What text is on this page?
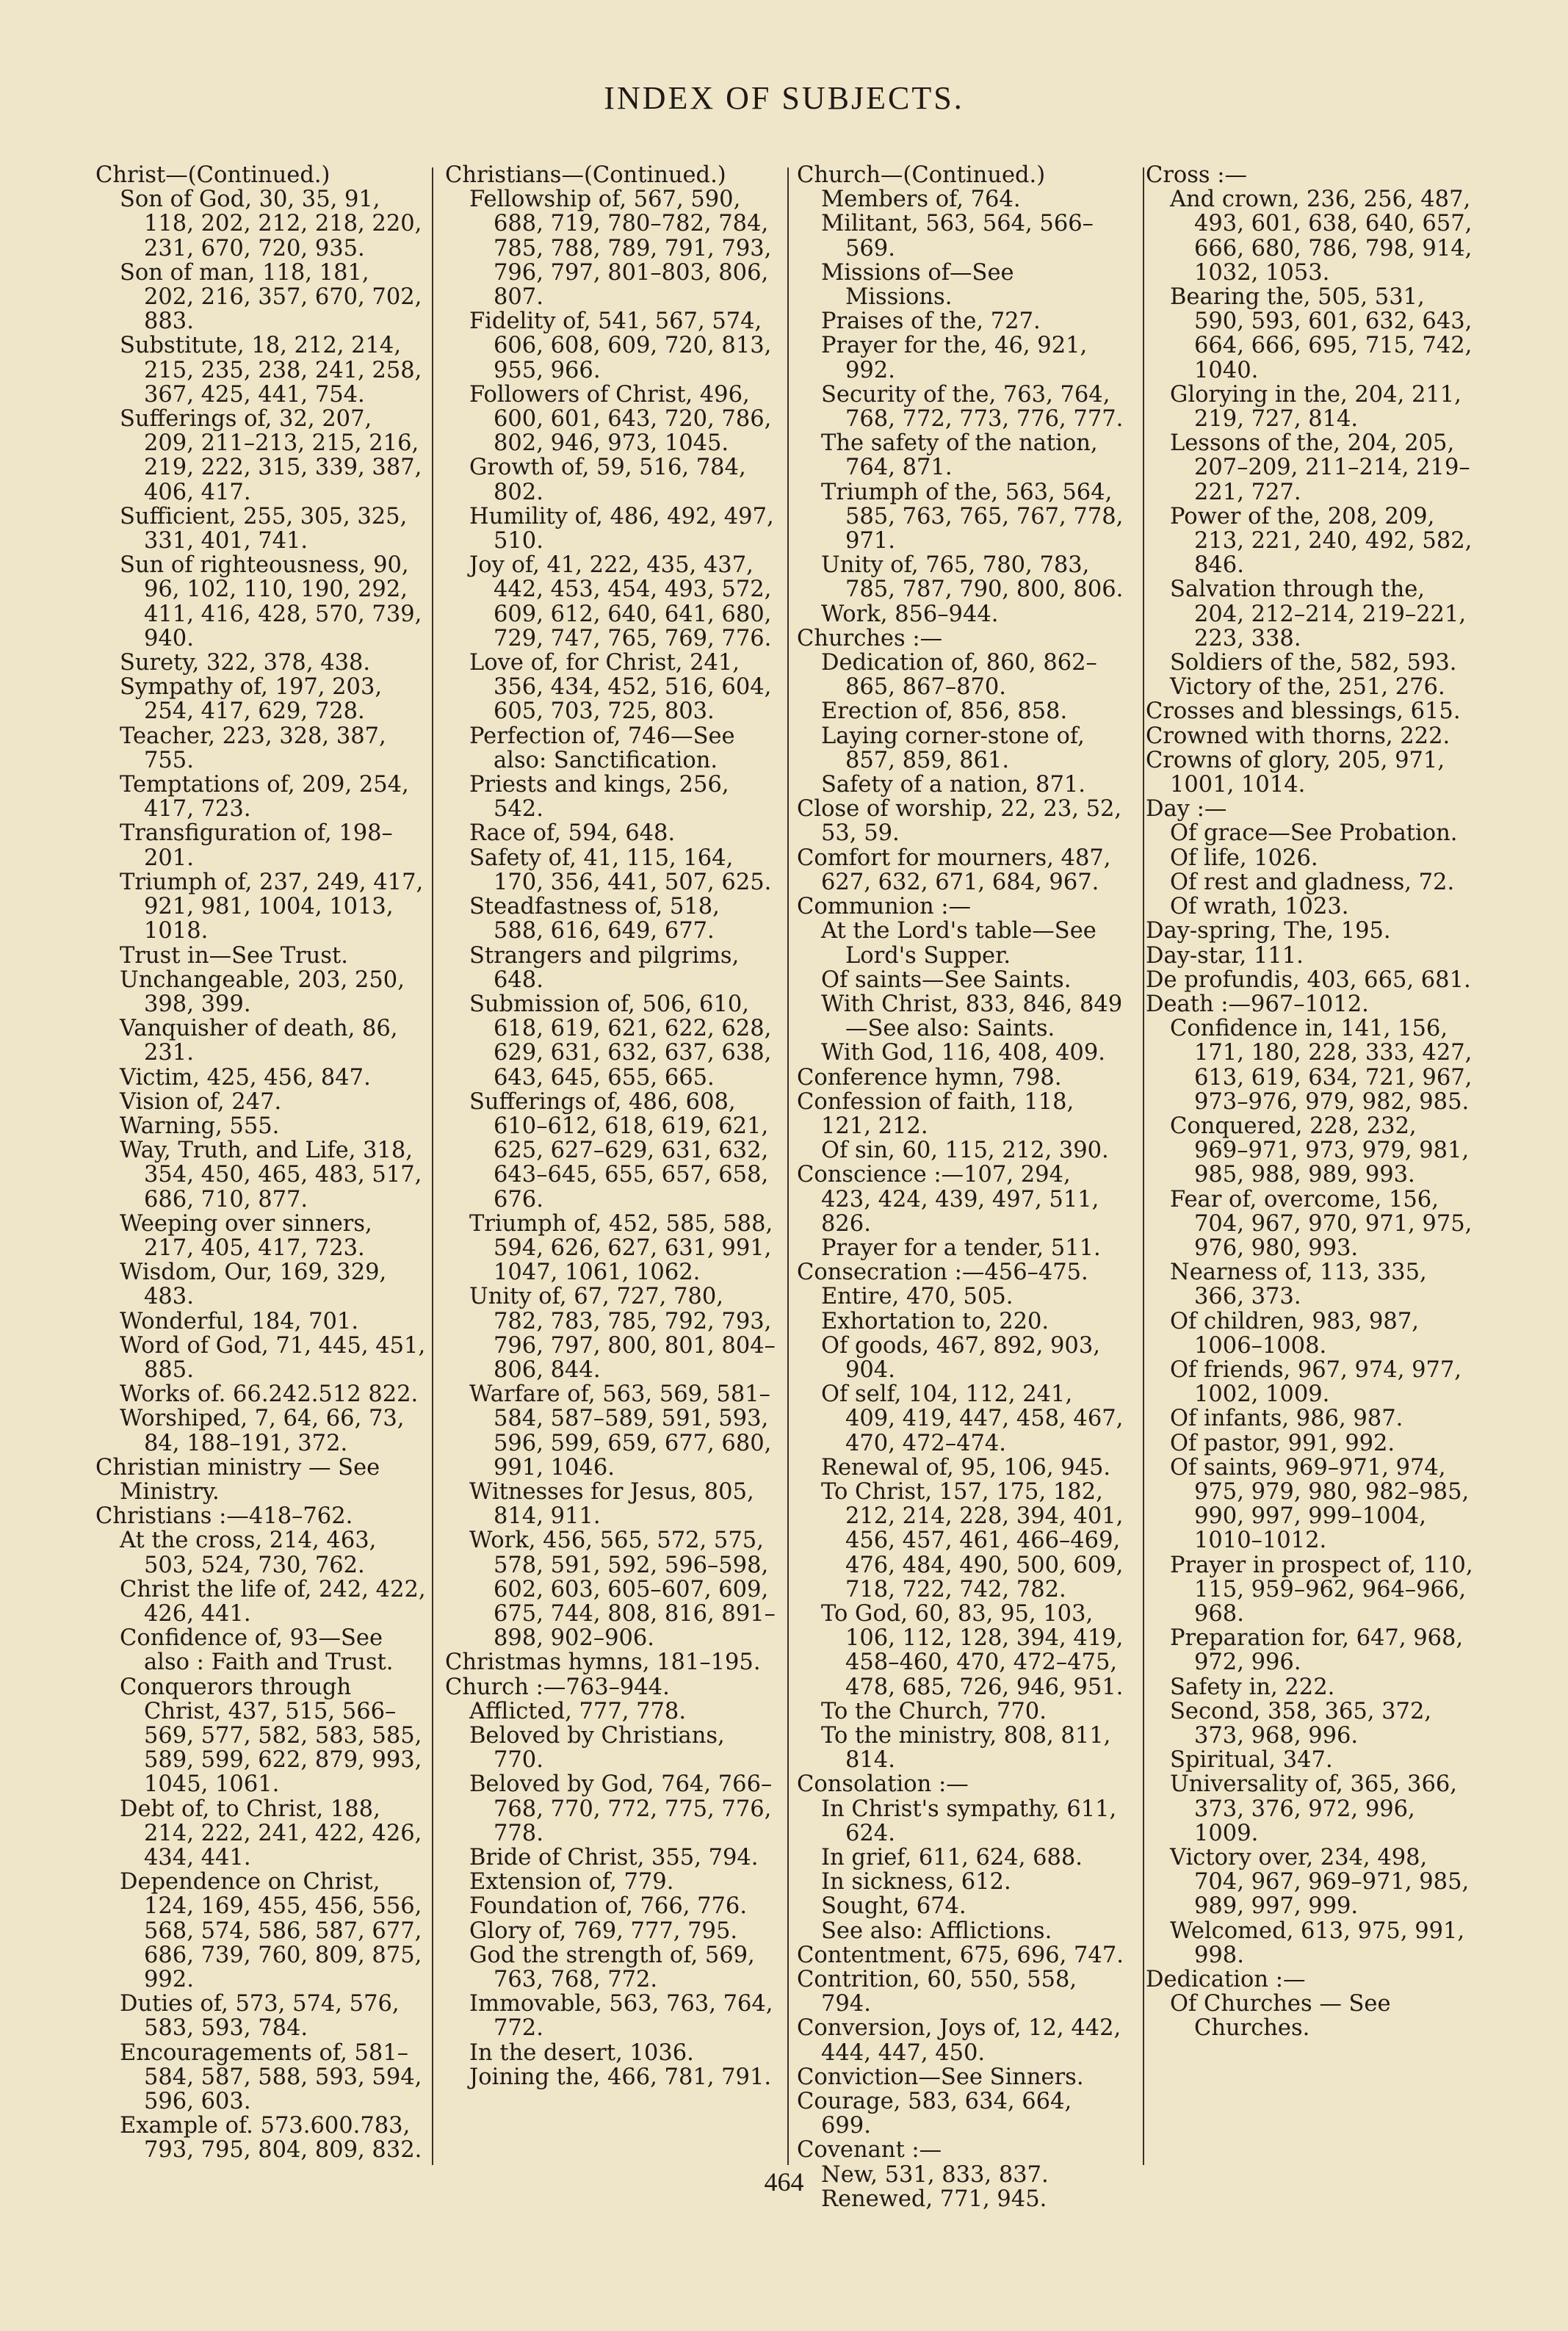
INDEX OF SUBJECTS.

Christ—(Continued.)

Son of God, 30, 35, 91, 118, 202, 212, 218, 220, 231, 670, 720, 935.

Son of man, 118, 181, 202, 216, 357, 670, 702, 883.

Substitute, 18, 212, 214, 215, 235, 238, 241, 258, 367, 425, 441, 754.

Sufferings of, 32, 207, 209, 211–213, 215, 216, 219, 222, 315, 339, 387, 406, 417.

Sufficient, 255, 305, 325, 331, 401, 741.

Sun of righteousness, 90, 96, 102, 110, 190, 292, 411, 416, 428, 570, 739, 940.

Surety, 322, 378, 438.

Sympathy of, 197, 203, 254, 417, 629, 728.

Teacher, 223, 328, 387, 755.

Temptations of, 209, 254, 417, 723.

Transfiguration of, 198–201.

Triumph of, 237, 249, 417, 921, 981, 1004, 1013, 1018.

Trust in—See Trust.

Unchangeable, 203, 250, 398, 399.

Vanquisher of death, 86, 231.

Victim, 425, 456, 847.

Vision of, 247.

Warning, 555.

Way, Truth, and Life, 318, 354, 450, 465, 483, 517, 686, 710, 877.

Weeping over sinners, 217, 405, 417, 723.

Wisdom, Our, 169, 329, 483.

Wonderful, 184, 701.

Word of God, 71, 445, 451, 885.

Works of. 66.242.512 822.

Worshiped, 7, 64, 66, 73, 84, 188–191, 372.

Christian ministry — See Ministry.

Christians :—418–762.

At the cross, 214, 463, 503, 524, 730, 762.

Christ the life of, 242, 422, 426, 441.

Confidence of, 93—See also : Faith and Trust.

Conquerors through Christ, 437, 515, 566–569, 577, 582, 583, 585, 589, 599, 622, 879, 993, 1045, 1061.

Debt of, to Christ, 188, 214, 222, 241, 422, 426, 434, 441.

Dependence on Christ, 124, 169, 455, 456, 556, 568, 574, 586, 587, 677, 686, 739, 760, 809, 875, 992.

Duties of, 573, 574, 576, 583, 593, 784.

Encouragements of, 581–584, 587, 588, 593, 594, 596, 603.

Example of. 573.600.783, 793, 795, 804, 809, 832.

Christians—(Continued.)

Fellowship of, 567, 590, 688, 719, 780–782, 784, 785, 788, 789, 791, 793, 796, 797, 801–803, 806, 807.

Fidelity of, 541, 567, 574, 606, 608, 609, 720, 813, 955, 966.

Followers of Christ, 496, 600, 601, 643, 720, 786, 802, 946, 973, 1045.

Growth of, 59, 516, 784, 802.

Humility of, 486, 492, 497, 510.

Joy of, 41, 222, 435, 437, 442, 453, 454, 493, 572, 609, 612, 640, 641, 680, 729, 747, 765, 769, 776.

Love of, for Christ, 241, 356, 434, 452, 516, 604, 605, 703, 725, 803.

Perfection of, 746—See also: Sanctification.

Priests and kings, 256, 542.

Race of, 594, 648.

Safety of, 41, 115, 164, 170, 356, 441, 507, 625.

Steadfastness of, 518, 588, 616, 649, 677.

Strangers and pilgrims, 648.

Submission of, 506, 610, 618, 619, 621, 622, 628, 629, 631, 632, 637, 638, 643, 645, 655, 665.

Sufferings of, 486, 608, 610–612, 618, 619, 621, 625, 627–629, 631, 632, 643–645, 655, 657, 658, 676.

Triumph of, 452, 585, 588, 594, 626, 627, 631, 991, 1047, 1061, 1062.

Unity of, 67, 727, 780, 782, 783, 785, 792, 793, 796, 797, 800, 801, 804–806, 844.

Warfare of, 563, 569, 581–584, 587–589, 591, 593, 596, 599, 659, 677, 680, 991, 1046.

Witnesses for Jesus, 805, 814, 911.

Work, 456, 565, 572, 575, 578, 591, 592, 596–598, 602, 603, 605–607, 609, 675, 744, 808, 816, 891–898, 902–906.

Christmas hymns, 181–195.

Church :—763–944.

Afflicted, 777, 778.

Beloved by Christians, 770.

Beloved by God, 764, 766–768, 770, 772, 775, 776, 778.

Bride of Christ, 355, 794.

Extension of, 779.

Foundation of, 766, 776.

Glory of, 769, 777, 795.

God the strength of, 569, 763, 768, 772.

Immovable, 563, 763, 764, 772.

In the desert, 1036.

Joining the, 466, 781, 791.

Church—(Continued.)

Members of, 764.

Militant, 563, 564, 566–569.

Missions of—See Missions.

Praises of the, 727.

Prayer for the, 46, 921, 992.

Security of the, 763, 764, 768, 772, 773, 776, 777.

The safety of the nation, 764, 871.

Triumph of the, 563, 564, 585, 763, 765, 767, 778, 971.

Unity of, 765, 780, 783, 785, 787, 790, 800, 806.

Work, 856–944.

Churches :—

Dedication of, 860, 862–865, 867–870.

Erection of, 856, 858.

Laying corner-stone of, 857, 859, 861.

Safety of a nation, 871.

Close of worship, 22, 23, 52, 53, 59.

Comfort for mourners, 487, 627, 632, 671, 684, 967.

Communion :—

At the Lord's table—See Lord's Supper.

Of saints—See Saints.

With Christ, 833, 846, 849—See also: Saints.

With God, 116, 408, 409.

Conference hymn, 798.

Confession of faith, 118, 121, 212.

Of sin, 60, 115, 212, 390.

Conscience :—107, 294, 423, 424, 439, 497, 511, 826.

Prayer for a tender, 511.

Consecration :—456–475.

Entire, 470, 505.

Exhortation to, 220.

Of goods, 467, 892, 903, 904.

Of self, 104, 112, 241, 409, 419, 447, 458, 467, 470, 472–474.

Renewal of, 95, 106, 945.

To Christ, 157, 175, 182, 212, 214, 228, 394, 401, 456, 457, 461, 466–469, 476, 484, 490, 500, 609, 718, 722, 742, 782.

To God, 60, 83, 95, 103, 106, 112, 128, 394, 419, 458–460, 470, 472–475, 478, 685, 726, 946, 951.

To the Church, 770.

To the ministry, 808, 811, 814.

Consolation :—

In Christ's sympathy, 611, 624.

In grief, 611, 624, 688.

In sickness, 612.

Sought, 674.

See also: Afflictions.

Contentment, 675, 696, 747.

Contrition, 60, 550, 558, 794.

Conversion, Joys of, 12, 442, 444, 447, 450.

Conviction—See Sinners.

Courage, 583, 634, 664, 699.

Covenant :—

New, 531, 833, 837.

Renewed, 771, 945.

Cross :—

And crown, 236, 256, 487, 493, 601, 638, 640, 657, 666, 680, 786, 798, 914, 1032, 1053.

Bearing the, 505, 531, 590, 593, 601, 632, 643, 664, 666, 695, 715, 742, 1040.

Glorying in the, 204, 211, 219, 727, 814.

Lessons of the, 204, 205, 207–209, 211–214, 219–221, 727.

Power of the, 208, 209, 213, 221, 240, 492, 582, 846.

Salvation through the, 204, 212–214, 219–221, 223, 338.

Soldiers of the, 582, 593.

Victory of the, 251, 276.

Crosses and blessings, 615.

Crowned with thorns, 222.

Crowns of glory, 205, 971, 1001, 1014.

Day :—

Of grace—See Probation.

Of life, 1026.

Of rest and gladness, 72.

Of wrath, 1023.

Day-spring, The, 195.

Day-star, 111.

De profundis, 403, 665, 681.

Death :—967–1012.

Confidence in, 141, 156, 171, 180, 228, 333, 427, 613, 619, 634, 721, 967, 973–976, 979, 982, 985.

Conquered, 228, 232, 969–971, 973, 979, 981, 985, 988, 989, 993.

Fear of, overcome, 156, 704, 967, 970, 971, 975, 976, 980, 993.

Nearness of, 113, 335, 366, 373.

Of children, 983, 987, 1006–1008.

Of friends, 967, 974, 977, 1002, 1009.

Of infants, 986, 987.

Of pastor, 991, 992.

Of saints, 969–971, 974, 975, 979, 980, 982–985, 990, 997, 999–1004, 1010–1012.

Prayer in prospect of, 110, 115, 959–962, 964–966, 968.

Preparation for, 647, 968, 972, 996.

Safety in, 222.

Second, 358, 365, 372, 373, 968, 996.

Spiritual, 347.

Universality of, 365, 366, 373, 376, 972, 996, 1009.

Victory over, 234, 498, 704, 967, 969–971, 985, 989, 997, 999.

Welcomed, 613, 975, 991, 998.

Dedication :—

Of Churches — See Churches.

464
